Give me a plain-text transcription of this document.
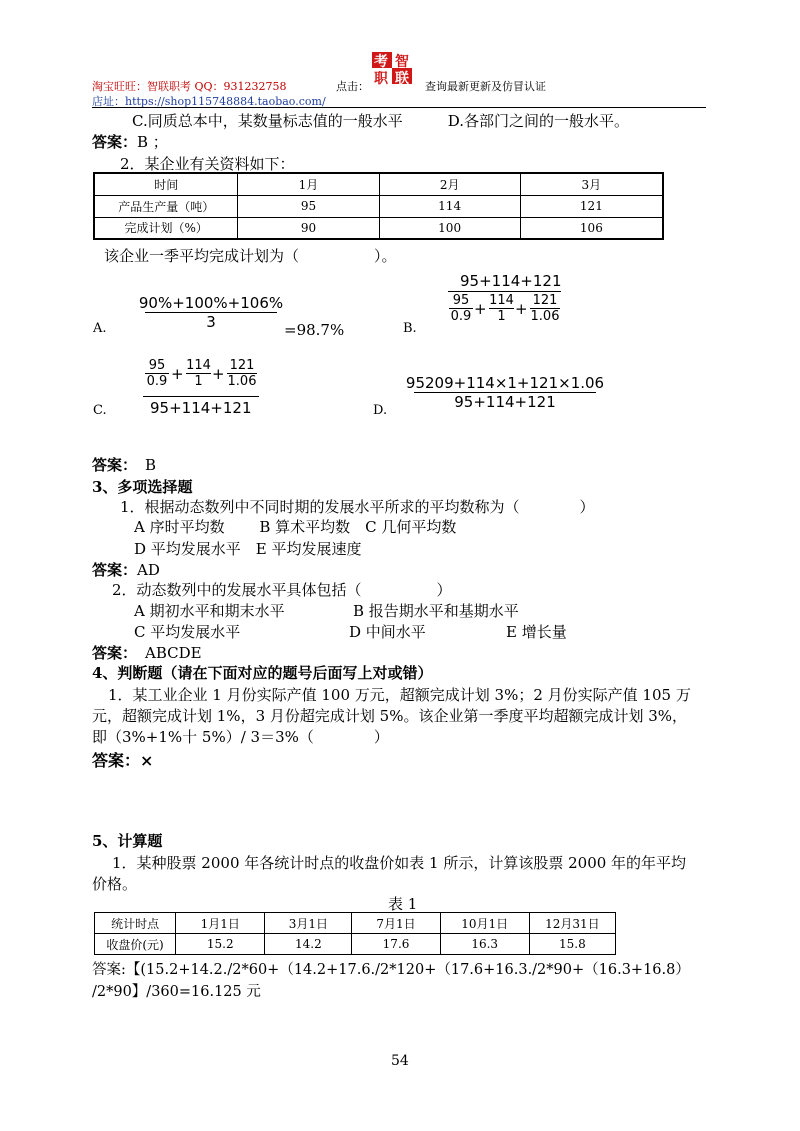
淘宝旺旺：智联职考 QQ：931232758	点击：
考 智
职 联 查询最新更新及仿冒认证
店址：https://shop115748884.taobao.com/
C.同质总本中，某数量标志值的一般水平　　　D.各部门之间的一般水平。
答案：B ；
2．某企业有关资料如下：
时间	1月	2月	3月
产品生产量（吨）	95	114	121
完成计划（%）	90	100	106
该企业一季平均完成计划为（　　　　　）。
A.
90%+100%+106%
3	=98.7%	B.
95+114+121
95
0.9 + 114
1 + 121
1.06
C.
95
0.9 + 114
1 + 121
1.06
95+114+121	D.
95209+114×1+121×1.06
95+114+121
答案： B
3、多项选择题
1．根据动态数列中不同时期的发展水平所求的平均数称为（　　　　）
A 序时平均数　　 B 算术平均数　C 几何平均数
D 平均发展水平　E 平均发展速度
答案：AD
2．动态数列中的发展水平具体包括（　　　　　）
A 期初水平和期末水平	B 报告期水平和基期水平
C 平均发展水平	D 中间水平	E 增长量
答案： ABCDE
4、判断题（请在下面对应的题号后面写上对或错）
1．某工业企业 1 月份实际产值 100 万元，超额完成计划 3%；2 月份实际产值 105 万
元，超额完成计划 1%，3 月份超完成计划 5%。该企业第一季度平均超额完成计划 3%，
即（3%+1%十 5%）/ 3＝3%（　　　　）
答案：×
5、计算题
1．某种股票 2000 年各统计时点的收盘价如表 1 所示，计算该股票 2000 年的年平均
价格。
表 1
统计时点	1月1日	3月1日	7月1日	10月1日	12月31日
收盘价(元)	15.2	14.2	17.6	16.3	15.8
答案:【(15.2+14.2./2*60+（14.2+17.6./2*120+（17.6+16.3./2*90+（16.3+16.8）
/2*90】/360=16.125 元
54
